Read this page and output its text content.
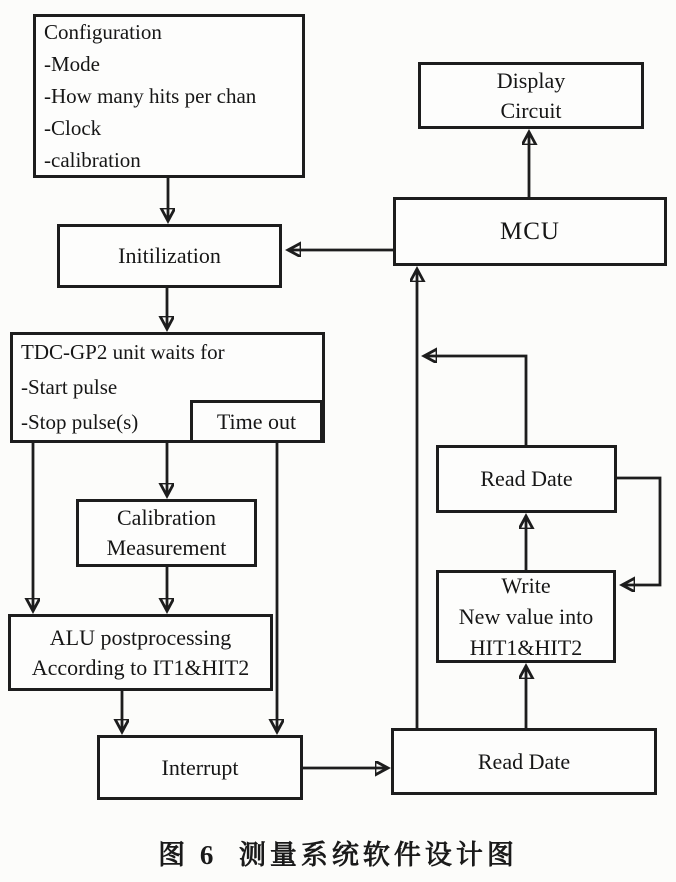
Configuration
-Mode
-How many hits per chan
-Clock
-calibration
Initilization
TDC-GP2 unit waits for
-Start pulse
-Stop pulse(s)	Time out
Calibration
Measurement
ALU postprocessing
According to IT1&HIT2
Interrupt
Display
Circuit
MCU
Read Date
Write
New value into
HIT1&HIT2
Read Date
图 6  测量系统软件设计图
